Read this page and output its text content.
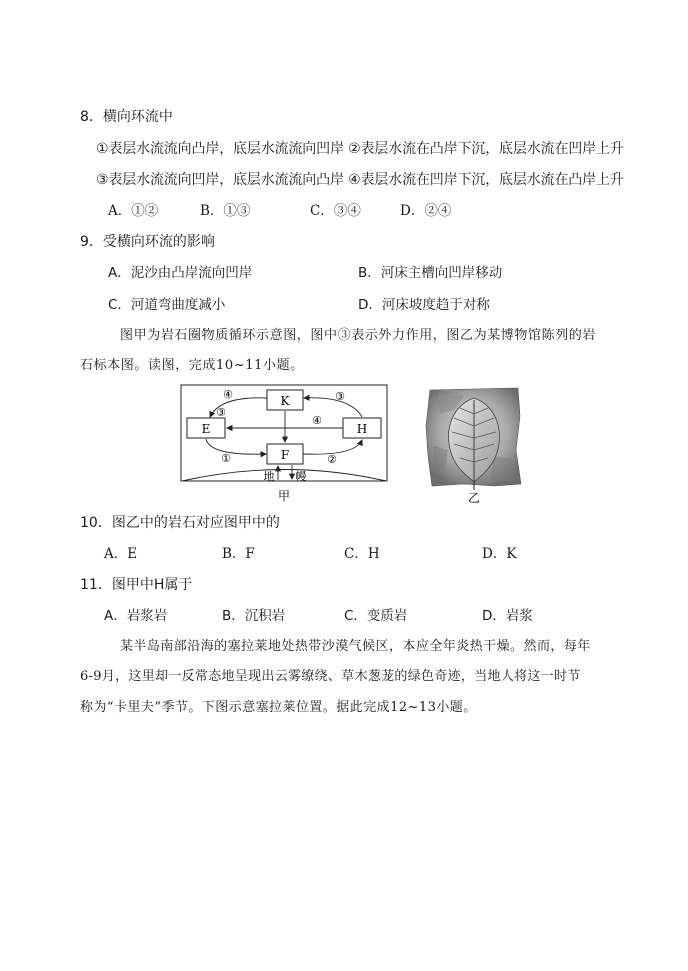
8．横向环流中
①表层水流流向凸岸，底层水流流向凹岸 ②表层水流在凸岸下沉，底层水流在凹岸上升
③表层水流流向凹岸，底层水流流向凸岸 ④表层水流在凹岸下沉，底层水流在凸岸上升
A．①②	B．①③	C．③④	D．②④
9．受横向环流的影响
A．泥沙由凸岸流向凹岸	B．河床主槽向凹岸移动
C．河道弯曲度减小	D．河床坡度趋于对称
图甲为岩石圈物质循环示意图，图中③表示外力作用，图乙为某博物馆陈列的岩
石标本图。读图，完成10~11小题。
K
E	H
F
④	③
④
③
①	②
地 幔
甲	乙
10．图乙中的岩石对应图甲中的
A．E	B．F	C．H	D．K
11．图甲中H属于
A．岩浆岩	B．沉积岩	C．变质岩	D．岩浆
某半岛南部沿海的塞拉莱地处热带沙漠气候区，本应全年炎热干燥。然而，每年
6-9月，这里却一反常态地呈现出云雾缭绕、草木葱茏的绿色奇迹，当地人将这一时节
称为“卡里夫”季节。下图示意塞拉莱位置。据此完成12~13小题。
